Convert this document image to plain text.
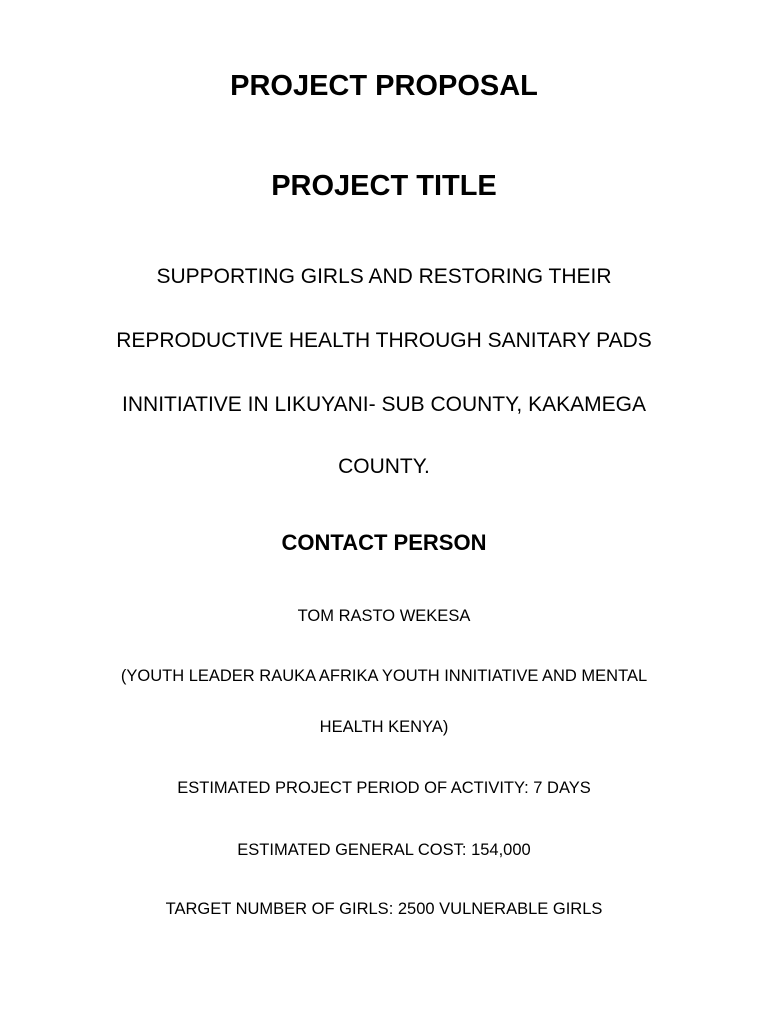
PROJECT PROPOSAL
PROJECT TITLE
SUPPORTING GIRLS AND RESTORING THEIR
REPRODUCTIVE HEALTH THROUGH SANITARY PADS
INNITIATIVE IN LIKUYANI- SUB COUNTY, KAKAMEGA
COUNTY.
CONTACT PERSON
TOM RASTO WEKESA
(YOUTH LEADER RAUKA AFRIKA YOUTH INNITIATIVE AND MENTAL
HEALTH KENYA)
ESTIMATED PROJECT PERIOD OF ACTIVITY: 7 DAYS
ESTIMATED GENERAL COST: 154,000
TARGET NUMBER OF GIRLS: 2500 VULNERABLE GIRLS
